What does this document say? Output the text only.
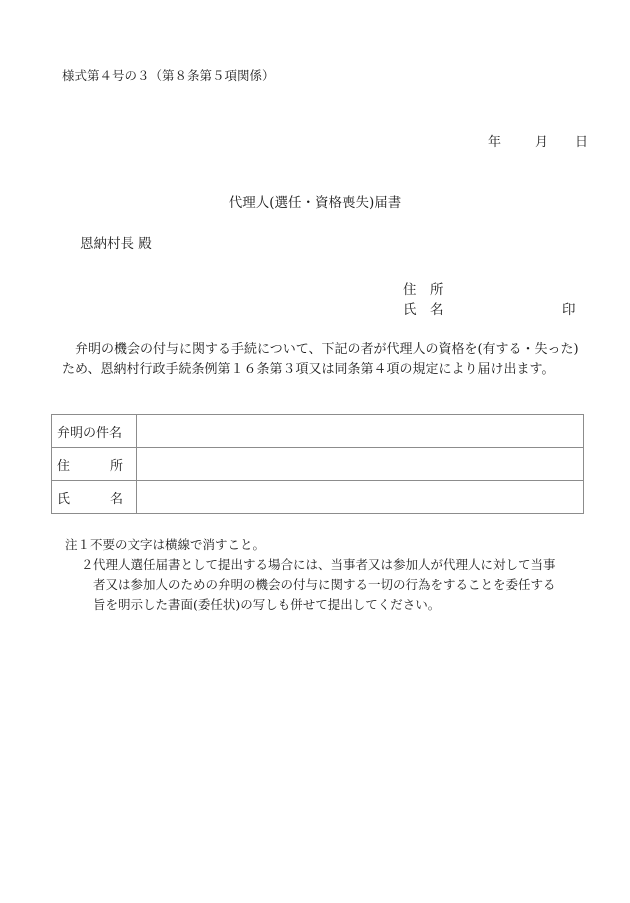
様式第４号の３（第８条第５項関係）
年	月 日
代理人(選任・資格喪失)届書
恩納村長 殿
住　所
氏　名	印
弁明の機会の付与に関する手続について、下記の者が代理人の資格を(有する・失った)
ため、恩納村行政手続条例第１６条第３項又は同条第４項の規定により届け出ます。
弁明の件名	

住 所	

氏 名	

注１不要の文字は横線で消すこと。
２ 代理人選任届書として提出する場合には、当事者又は参加人が代理人に対して当事
者又は参加人のための弁明の機会の付与に関する一切の行為をすることを委任する
旨を明示した書面(委任状)の写しも併せて提出してください。
